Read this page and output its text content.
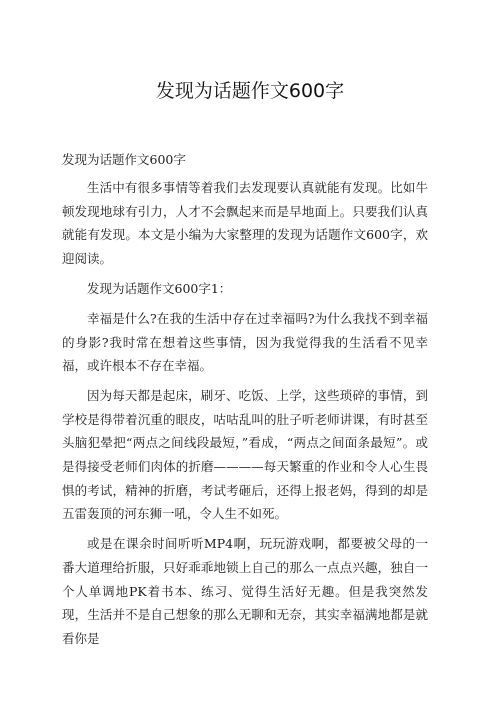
发现为话题作文600字
发现为话题作文600字

生活中有很多事情等着我们去发现要认真就能有发现。比如牛顿发现地球有引力，人才不会飘起来而是早地面上。只要我们认真就能有发现。本文是小编为大家整理的发现为话题作文600字，欢迎阅读。

发现为话题作文600字1：

幸福是什么?在我的生活中存在过幸福吗?为什么我找不到幸福的身影?我时常在想着这些事情，因为我觉得我的生活看不见幸福，或许根本不存在幸福。

因为每天都是起床，刷牙、吃饭、上学，这些琐碎的事情，到学校是得带着沉重的眼皮，咕咕乱叫的肚子听老师讲课，有时甚至头脑犯晕把“两点之间线段最短，”看成，“两点之间面条最短”。或是得接受老师们肉体的折磨————每天繁重的作业和令人心生畏惧的考试，精神的折磨，考试考砸后，还得上报老妈，得到的却是五雷轰顶的河东狮一吼，令人生不如死。

或是在课余时间听听MP4啊，玩玩游戏啊，都要被父母的一番大道理给折服，只好乖乖地锁上自己的那么一点点兴趣，独自一个人单调地PK着书本、练习、觉得生活好无趣。但是我突然发现，生活并不是自己想象的那么无聊和无奈，其实幸福满地都是就看你是
